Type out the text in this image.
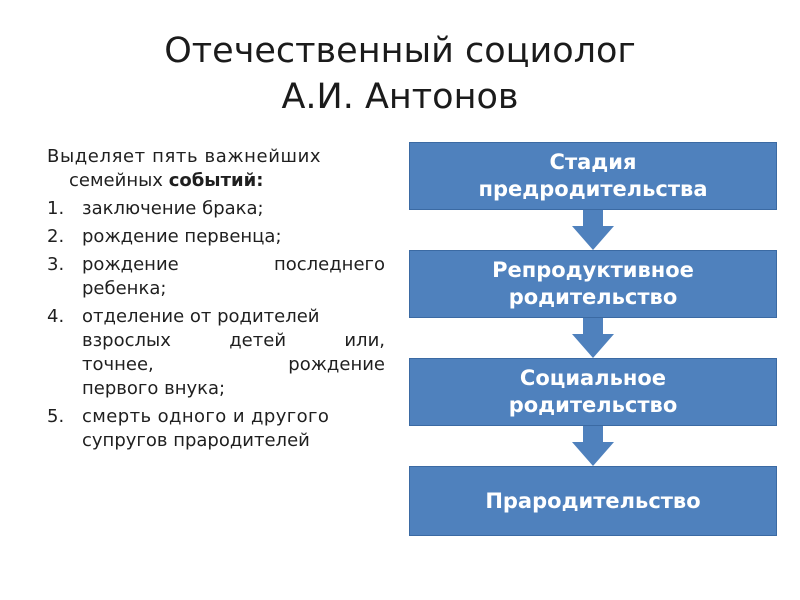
Отечественный социолог
А.И. Антонов
Выделяет пять важнейших
семейных событий:
1. заключение брака;
2. рождение первенца;
3. рождение	последнего
ребенка;
4. отделение от родителей
взрослых	детей	или,
точнее,	рождение
первого внука;
5. смерть одного и другого
супругов прародителей
Стадия
предродительства
Репродуктивное
родительство
Социальное
родительство
Прародительство
